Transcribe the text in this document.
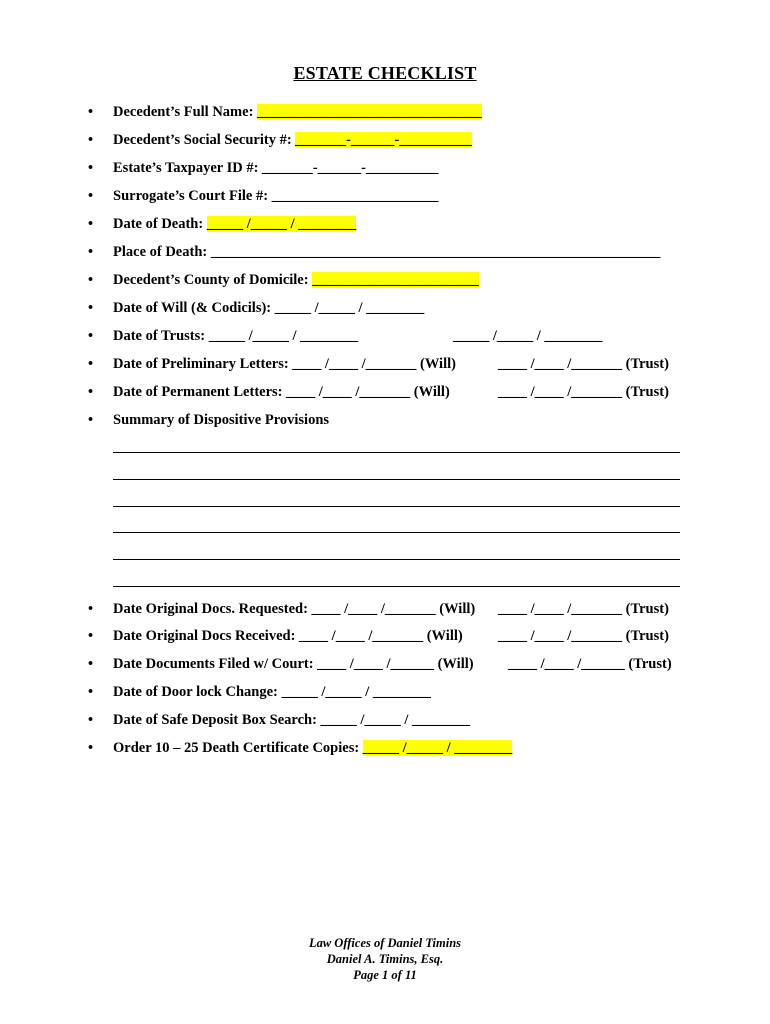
ESTATE CHECKLIST
• Decedent’s Full Name: _______________________________
• Decedent’s Social Security #: _______-______-__________
• Estate’s Taxpayer ID #: _______-______-__________
• Surrogate’s Court File #: _______________________
• Date of Death: _____ /_____ / ________
• Place of Death: ______________________________________________________________
• Decedent’s County of Domicile: _______________________
• Date of Will (& Codicils): _____ /_____ / ________
• Date of Trusts: _____ /_____ / ________	_____ /_____ / ________
• Date of Preliminary Letters: ____ /____ /_______ (Will)	____ /____ /_______ (Trust)
• Date of Permanent Letters: ____ /____ /_______ (Will)	____ /____ /_______ (Trust)
• Summary of Dispositive Provisions
• Date Original Docs. Requested: ____ /____ /_______ (Will) ____ /____ /_______ (Trust)
• Date Original Docs Received: ____ /____ /_______ (Will) ____ /____ /_______ (Trust)
• Date Documents Filed w/ Court: ____ /____ /______ (Will) ____ /____ /______ (Trust)
• Date of Door lock Change: _____ /_____ / ________
• Date of Safe Deposit Box Search: _____ /_____ / ________
• Order 10 – 25 Death Certificate Copies: _____ /_____ / ________
Law Offices of Daniel Timins
Daniel A. Timins, Esq.
Page 1 of 11
